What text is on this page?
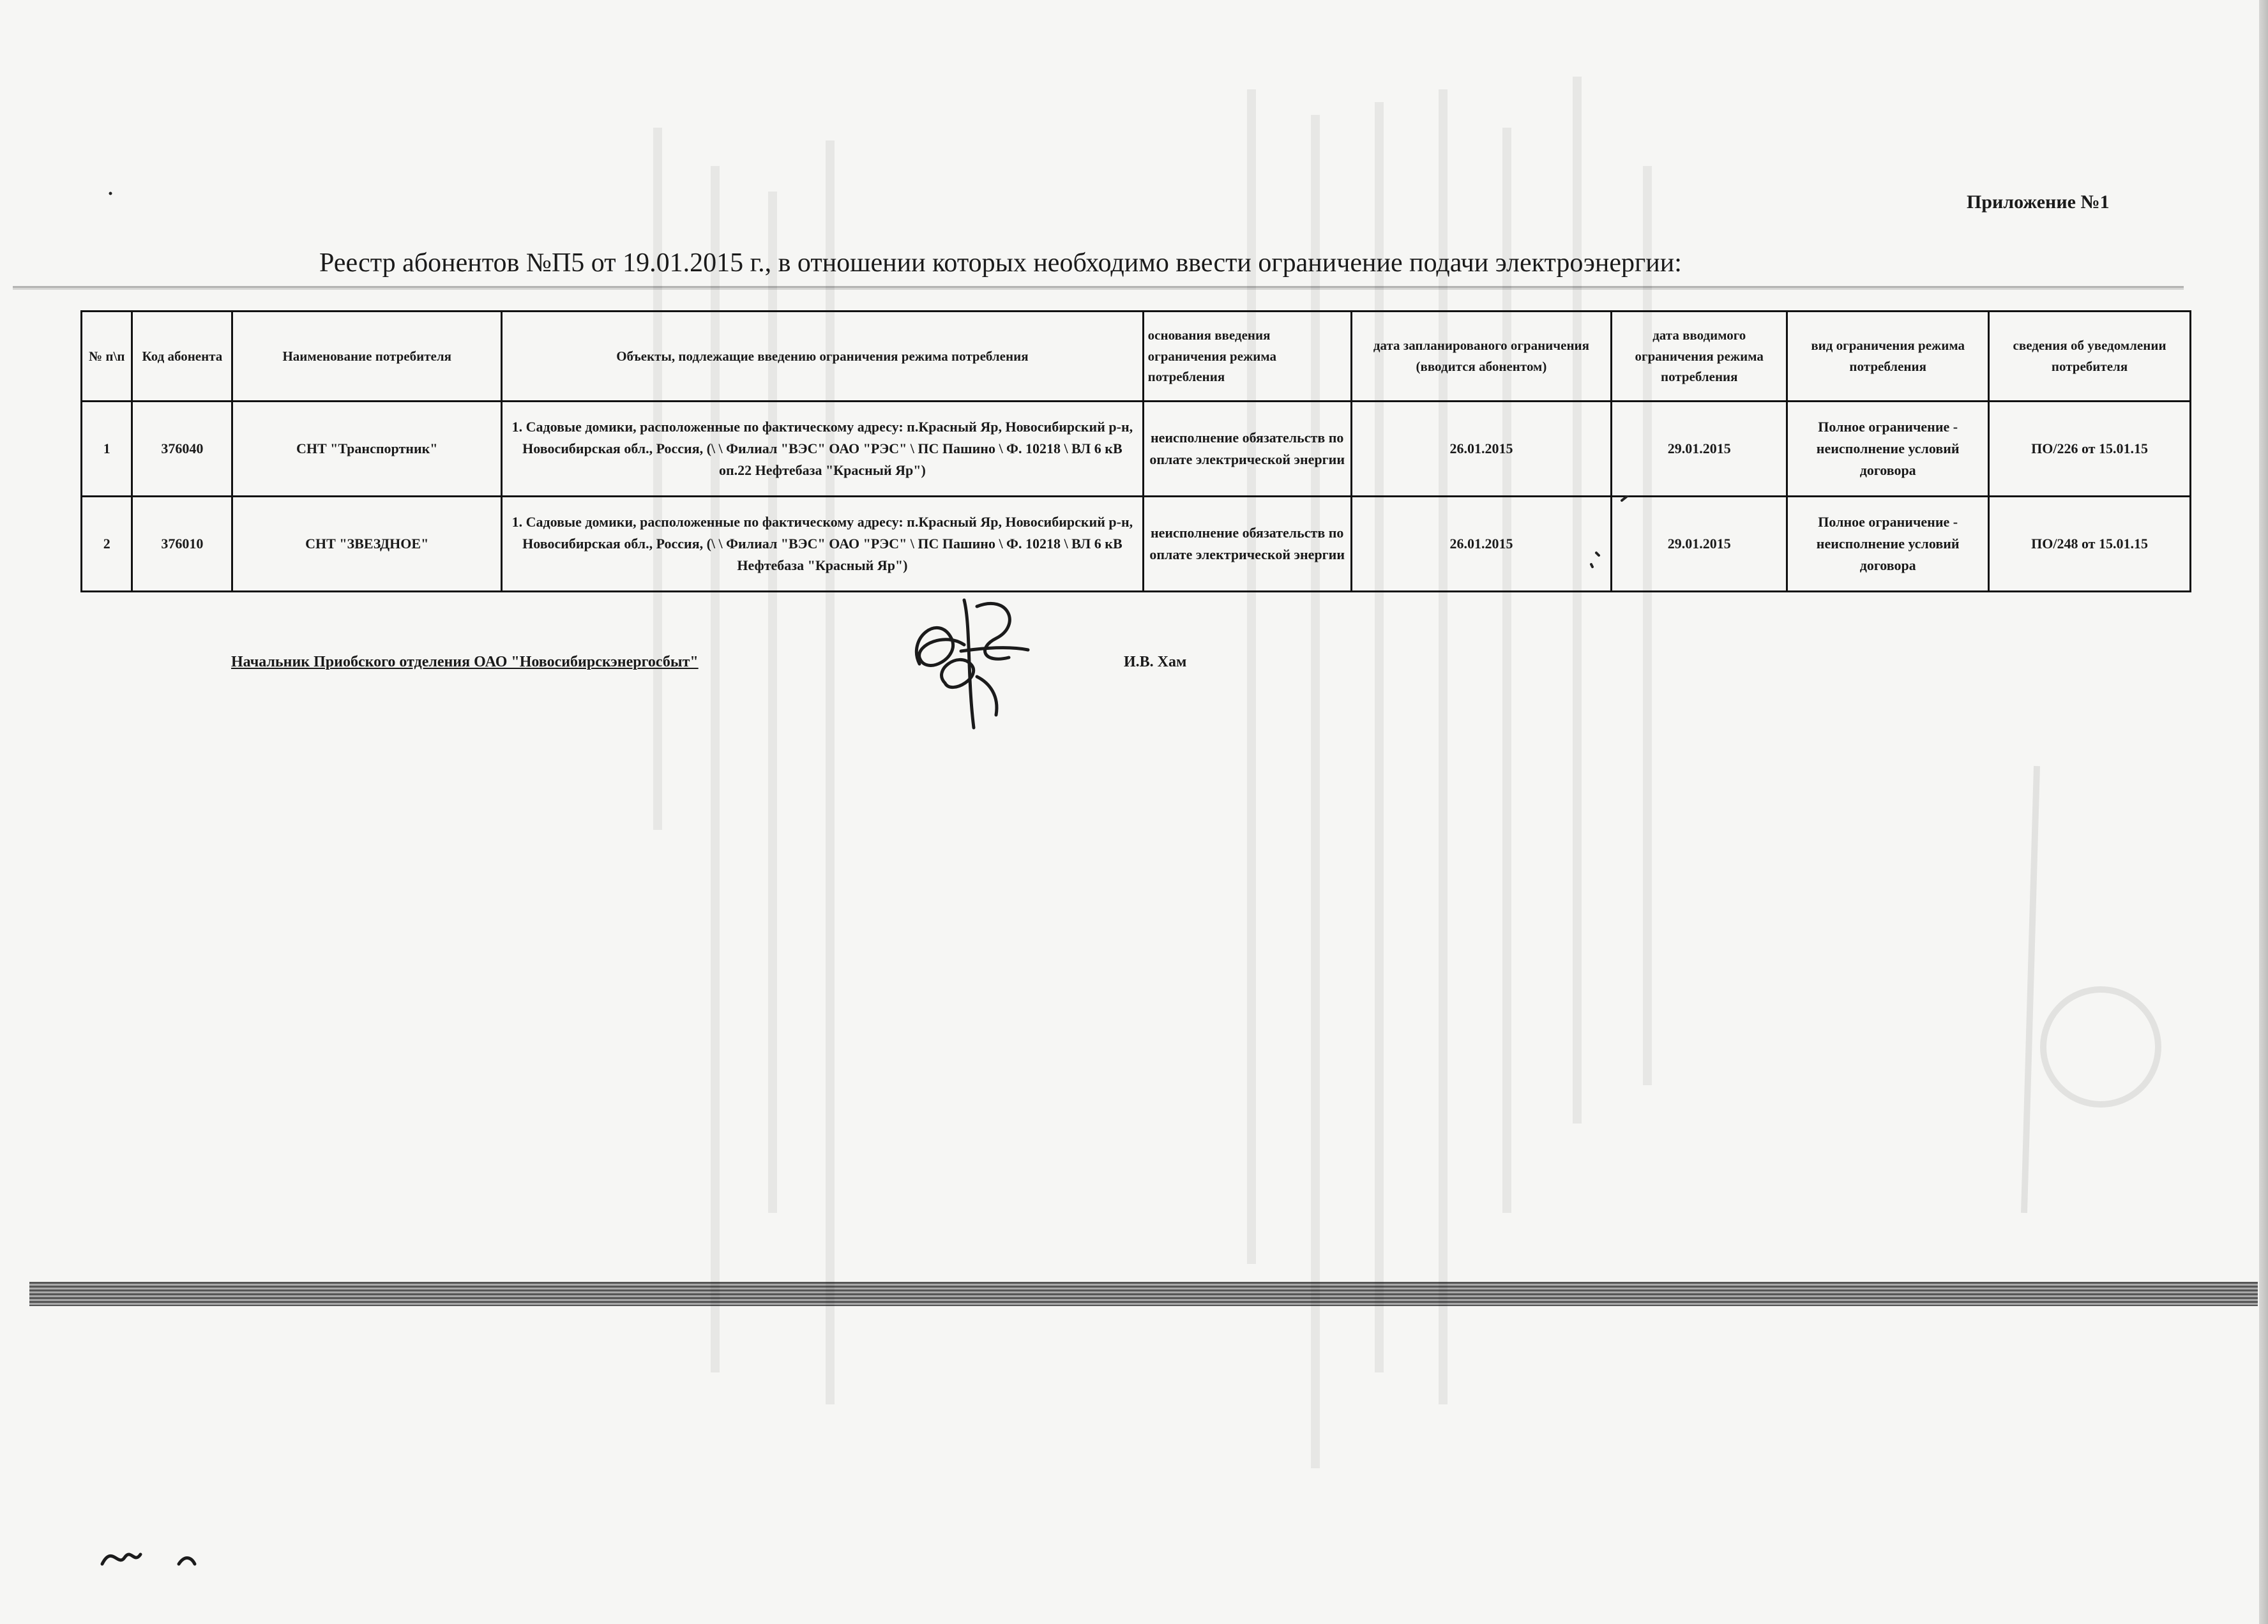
Приложение №1
Реестр абонентов №П5 от 19.01.2015 г., в отношении которых необходимо ввести ограничение подачи электроэнергии:
№ п\п	Код абонента	Наименование потребителя	Объекты, подлежащие введению ограничения режима потребления	основания введения ограничения режима потребления	дата запланированого ограничения (вводится абонентом)	дата вводимого ограничения режима потребления	вид ограничения режима потребления	сведения об уведомлении потребителя
1	376040	СНТ "Транспортник"	1. Садовые домики, расположенные по фактическому адресу: п.Красный Яр, Новосибирский р-н, Новосибирская обл., Россия, (\ \ Филиал "ВЭС" ОАО "РЭС" \ ПС Пашино \ Ф. 10218 \ ВЛ 6 кВ оп.22 Нефтебаза "Красный Яр")	неисполнение обязательств по оплате электрической энергии	26.01.2015	29.01.2015	Полное ограничение - неисполнение условий договора	ПО/226 от 15.01.15
2	376010	СНТ "ЗВЕЗДНОЕ"	1. Садовые домики, расположенные по фактическому адресу: п.Красный Яр, Новосибирский р-н, Новосибирская обл., Россия, (\ \ Филиал "ВЭС" ОАО "РЭС" \ ПС Пашино \ Ф. 10218 \ ВЛ 6 кВ Нефтебаза "Красный Яр")	неисполнение обязательств по оплате электрической энергии	26.01.2015	29.01.2015	Полное ограничение - неисполнение условий договора	ПО/248 от 15.01.15
Начальник Приобского отделения ОАО "Новосибирскэнергосбыт"	И.В. Хам
